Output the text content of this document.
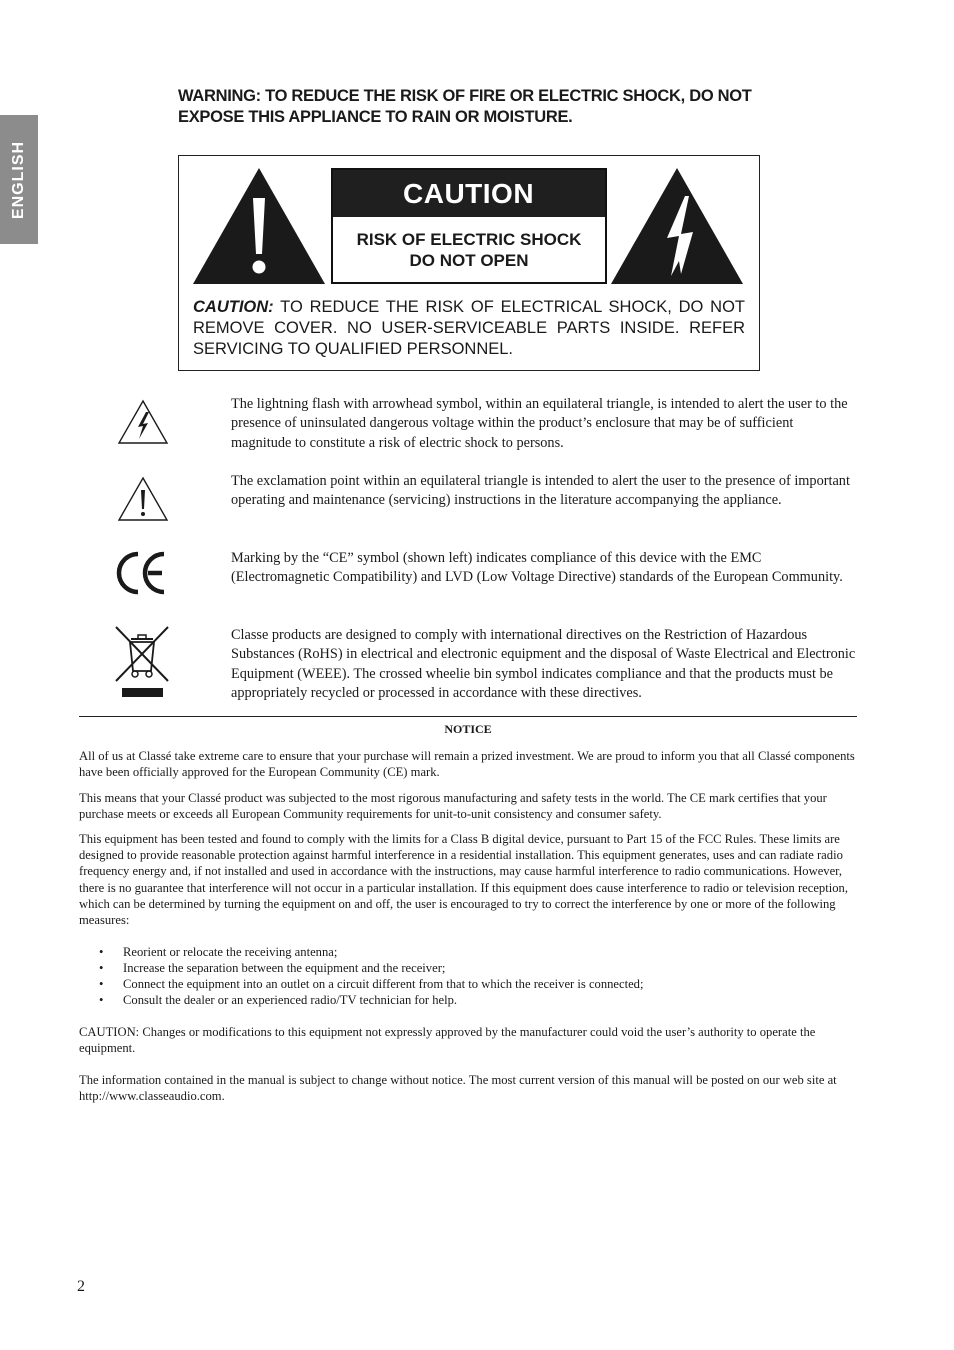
ENGLISH

WARNING: TO REDUCE THE RISK OF FIRE OR ELECTRIC SHOCK, DO NOT EXPOSE THIS APPLIANCE TO RAIN OR MOISTURE.

CAUTION
RISK OF ELECTRIC SHOCK
DO NOT OPEN

CAUTION: TO REDUCE THE RISK OF ELECTRICAL SHOCK, DO NOT REMOVE COVER. NO USER-SERVICEABLE PARTS INSIDE. REFER SERVICING TO QUALIFIED PERSONNEL.

The lightning flash with arrowhead symbol, within an equilateral triangle, is intended to alert the user to the presence of uninsulated dangerous voltage within the product’s enclosure that may be of sufficient magnitude to constitute a risk of electric shock to persons.

The exclamation point within an equilateral triangle is intended to alert the user to the presence of important operating and maintenance (servicing) instructions in the literature accompanying the appliance.

Marking by the “CE” symbol (shown left) indicates compliance of this device with the EMC (Electromagnetic Compatibility) and LVD (Low Voltage Directive) standards of the European Community.

Classe products are designed to comply with international directives on the Restriction of Hazardous Substances (RoHS) in electrical and electronic equipment and the disposal of Waste Electrical and Electronic Equipment (WEEE). The crossed wheelie bin symbol indicates compliance and that the products must be appropriately recycled or processed in accordance with these directives.

NOTICE

All of us at Classé take extreme care to ensure that your purchase will remain a prized investment. We are proud to inform you that all Classé components have been officially approved for the European Community (CE) mark.

This means that your Classé product was subjected to the most rigorous manufacturing and safety tests in the world. The CE mark certifies that your purchase meets or exceeds all European Community requirements for unit-to-unit consistency and consumer safety.

This equipment has been tested and found to comply with the limits for a Class B digital device, pursuant to Part 15 of the FCC Rules. These limits are designed to provide reasonable protection against harmful interference in a residential installation. This equipment generates, uses and can radiate radio frequency energy and, if not installed and used in accordance with the instructions, may cause harmful interference to radio communications. However, there is no guarantee that interference will not occur in a particular installation. If this equipment does cause interference to radio or television reception, which can be determined by turning the equipment on and off, the user is encouraged to try to correct the interference by one or more of the following measures:

• Reorient or relocate the receiving antenna;
• Increase the separation between the equipment and the receiver;
• Connect the equipment into an outlet on a circuit different from that to which the receiver is connected;
• Consult the dealer or an experienced radio/TV technician for help.

CAUTION: Changes or modifications to this equipment not expressly approved by the manufacturer could void the user’s authority to operate the equipment.

The information contained in the manual is subject to change without notice. The most current version of this manual will be posted on our web site at http://www.classeaudio.com.

2
